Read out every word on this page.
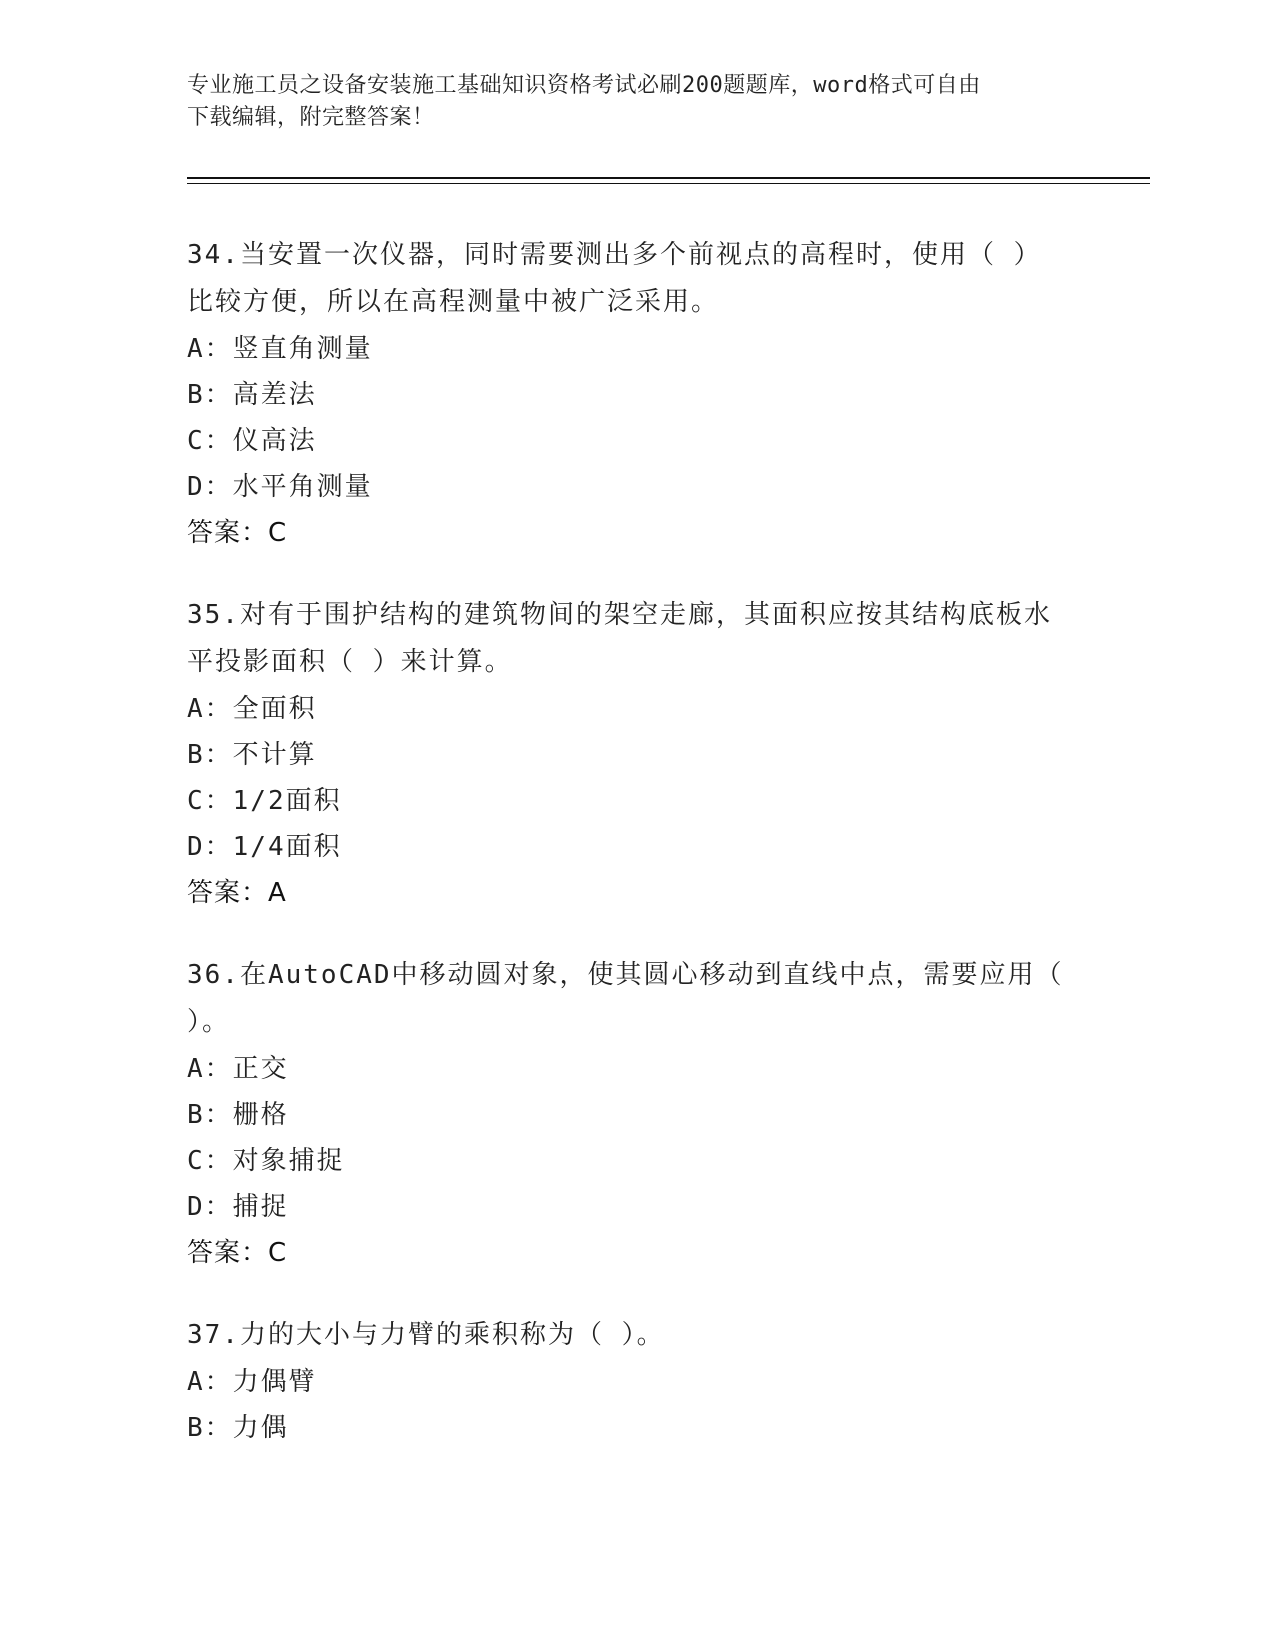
专业施工员之设备安装施工基础知识资格考试必刷200题题库，word格式可自由
下载编辑，附完整答案！
34.当安置一次仪器，同时需要测出多个前视点的高程时，使用（ ）
比较方便，所以在高程测量中被广泛采用。
A：竖直角测量
B：高差法
C：仪高法
D：水平角测量
答案：C
35.对有于围护结构的建筑物间的架空走廊，其面积应按其结构底板水
平投影面积（ ）来计算。
A：全面积
B：不计算
C：1/2面积
D：1/4面积
答案：A
36.在AutoCAD中移动圆对象，使其圆心移动到直线中点，需要应用（
）。
A：正交
B：栅格
C：对象捕捉
D：捕捉
答案：C
37.力的大小与力臂的乘积称为（ ）。
A：力偶臂
B：力偶
